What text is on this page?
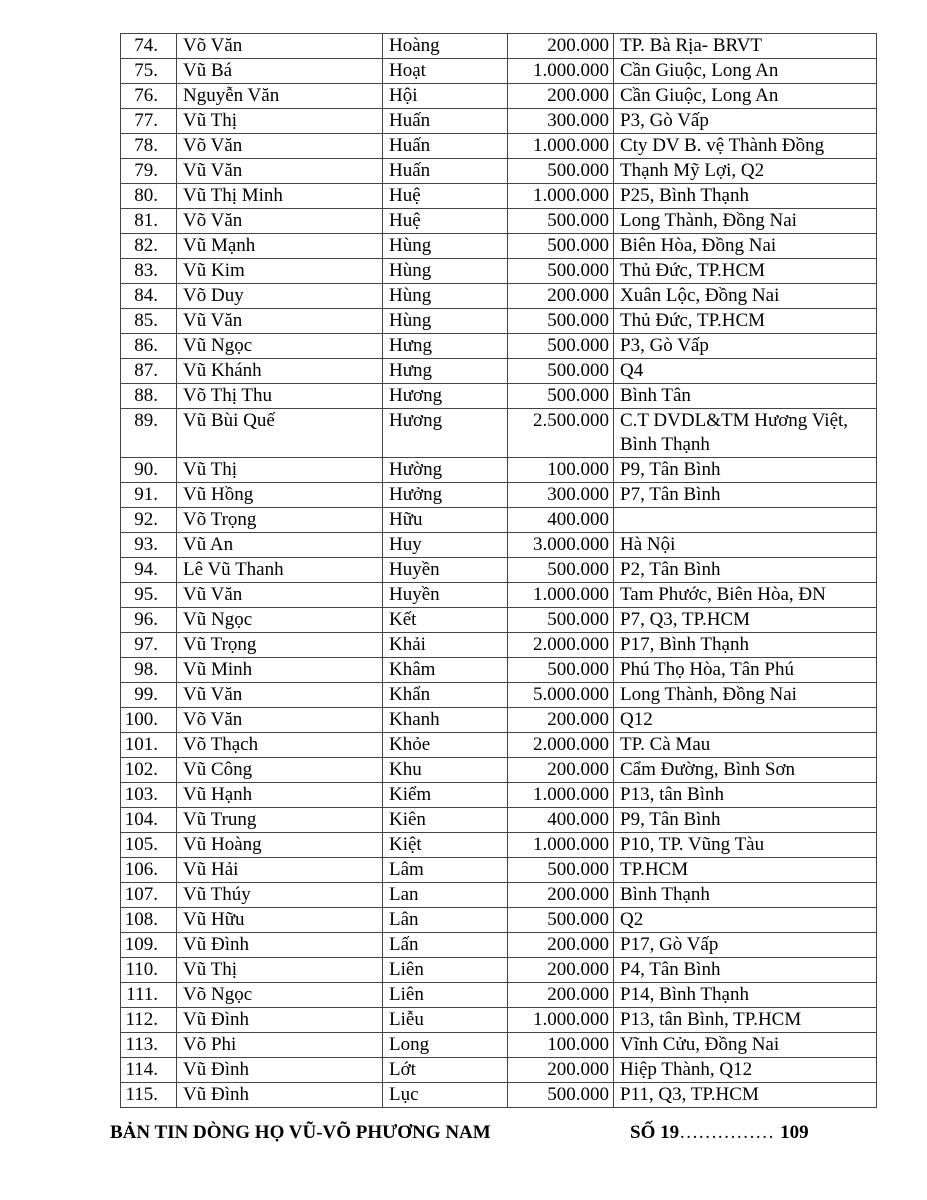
74.	Võ Văn	Hoàng	200.000	TP. Bà Rịa- BRVT
75.	Vũ Bá	Hoạt	1.000.000	Cần Giuộc, Long An
76.	Nguyễn Văn	Hội	200.000	Cần Giuộc, Long An
77.	Vũ Thị	Huấn	300.000	P3, Gò Vấp
78.	Võ Văn	Huấn	1.000.000	Cty DV B. vệ Thành Đồng
79.	Vũ Văn	Huấn	500.000	Thạnh Mỹ Lợi, Q2
80.	Vũ Thị Minh	Huệ	1.000.000	P25, Bình Thạnh
81.	Võ Văn	Huệ	500.000	Long Thành, Đồng Nai
82.	Vũ Mạnh	Hùng	500.000	Biên Hòa, Đồng Nai
83.	Vũ Kim	Hùng	500.000	Thủ Đức, TP.HCM
84.	Võ Duy	Hùng	200.000	Xuân Lộc, Đồng Nai
85.	Vũ Văn	Hùng	500.000	Thủ Đức, TP.HCM
86.	Vũ Ngọc	Hưng	500.000	P3, Gò Vấp
87.	Vũ Khánh	Hưng	500.000	Q4
88.	Võ Thị Thu	Hương	500.000	Bình Tân
89.	Vũ Bùi Quế	Hương	2.500.000	C.T DVDL&TM Hương Việt, Bình Thạnh
90.	Vũ Thị	Hường	100.000	P9, Tân Bình
91.	Vũ Hồng	Hưởng	300.000	P7, Tân Bình
92.	Võ Trọng	Hữu	400.000	
93.	Vũ An	Huy	3.000.000	Hà Nội
94.	Lê Vũ Thanh	Huyền	500.000	P2, Tân Bình
95.	Vũ Văn	Huyền	1.000.000	Tam Phước, Biên Hòa, ĐN
96.	Vũ Ngọc	Kết	500.000	P7, Q3, TP.HCM
97.	Vũ Trọng	Khải	2.000.000	P17, Bình Thạnh
98.	Vũ Minh	Khâm	500.000	Phú Thọ Hòa, Tân Phú
99.	Vũ Văn	Khẩn	5.000.000	Long Thành, Đồng Nai
100.	Võ Văn	Khanh	200.000	Q12
101.	Võ Thạch	Khỏe	2.000.000	TP. Cà Mau
102.	Vũ Công	Khu	200.000	Cẩm Đường, Bình Sơn
103.	Vũ Hạnh	Kiểm	1.000.000	P13, tân Bình
104.	Vũ Trung	Kiên	400.000	P9, Tân Bình
105.	Vũ Hoàng	Kiệt	1.000.000	P10, TP. Vũng Tàu
106.	Vũ Hải	Lâm	500.000	TP.HCM
107.	Vũ Thúy	Lan	200.000	Bình Thạnh
108.	Vũ Hữu	Lân	500.000	Q2
109.	Vũ Đình	Lấn	200.000	P17, Gò Vấp
110.	Vũ Thị	Liên	200.000	P4, Tân Bình
111.	Võ Ngọc	Liên	200.000	P14, Bình Thạnh
112.	Vũ Đình	Liễu	1.000.000	P13, tân Bình, TP.HCM
113.	Võ Phi	Long	100.000	Vĩnh Cửu, Đồng Nai
114.	Vũ Đình	Lớt	200.000	Hiệp Thành, Q12
115.	Vũ Đình	Lục	500.000	P11, Q3, TP.HCM
BẢN TIN DÒNG HỌ VŨ-VÕ PHƯƠNG NAM	SỐ 19…………… 109
